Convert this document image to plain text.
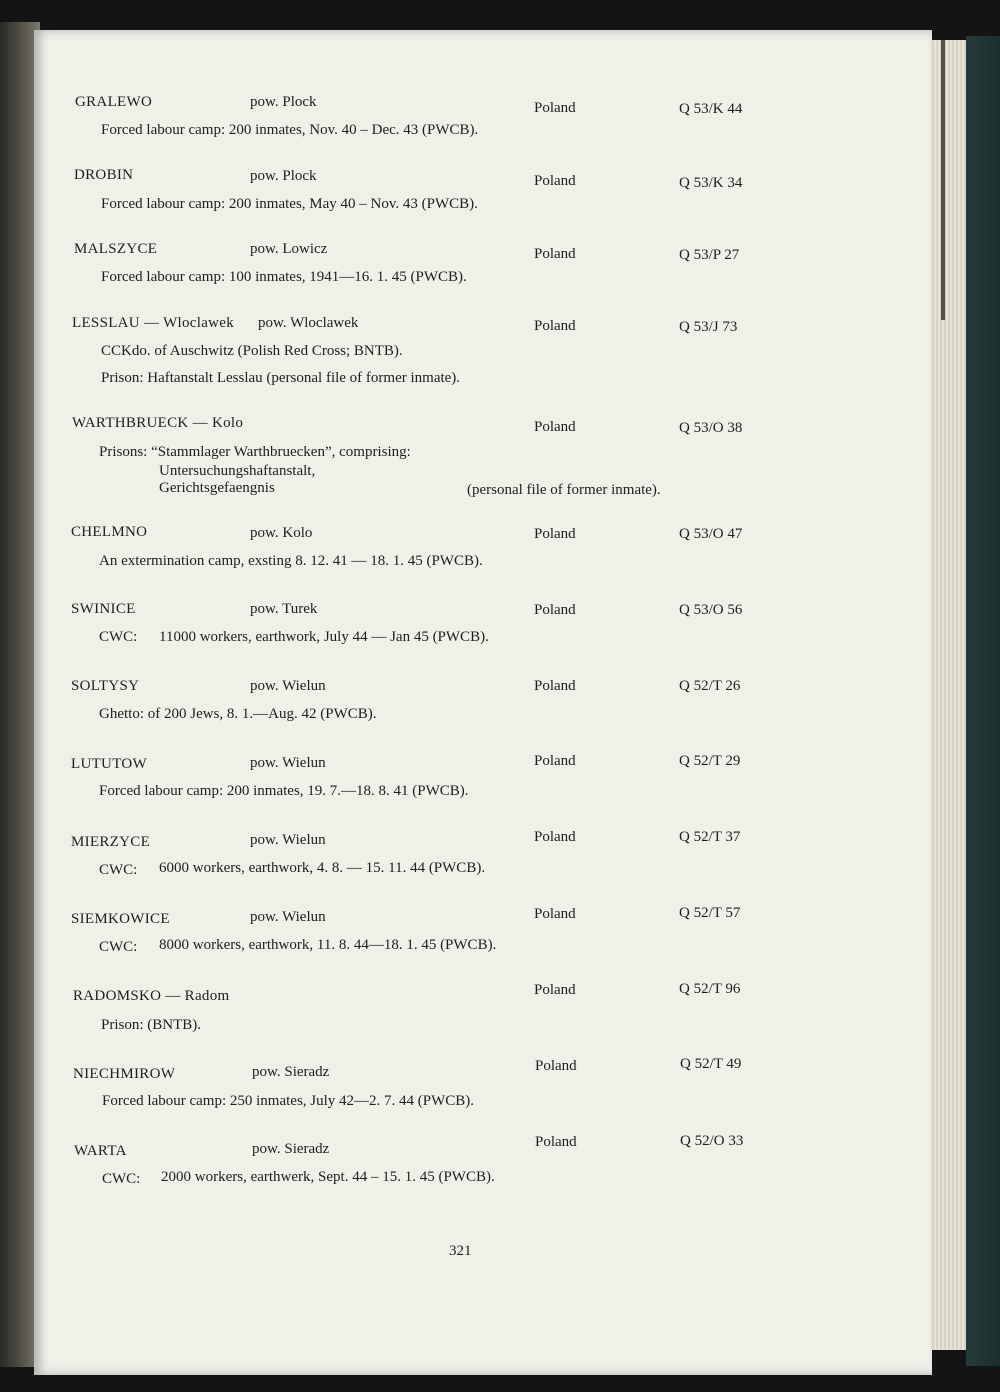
GRALEWO	pow. Plock	Poland	Q 53/K 44
Forced labour camp: 200 inmates, Nov. 40 – Dec. 43 (PWCB).
DROBIN	pow. Plock	Poland	Q 53/K 34
Forced labour camp: 200 inmates, May 40 – Nov. 43 (PWCB).
MALSZYCE	pow. Lowicz	Poland	Q 53/P 27
Forced labour camp: 100 inmates, 1941—16. 1. 45 (PWCB).
LESSLAU — Wloclawek pow. Wloclawek	Poland	Q 53/J 73
CCKdo. of Auschwitz (Polish Red Cross; BNTB).
Prison: Haftanstalt Lesslau (personal file of former inmate).
WARTHBRUECK — Kolo	Poland	Q 53/O 38
Prisons: “Stammlager Warthbruecken”, comprising:
Untersuchungshaftanstalt,
Gerichtsgefaengnis	(personal file of former inmate).
CHELMNO	pow. Kolo	Poland	Q 53/O 47
An extermination camp, exsting 8. 12. 41 — 18. 1. 45 (PWCB).
SWINICE	pow. Turek	Poland	Q 53/O 56
CWC: 11000 workers, earthwork, July 44 — Jan 45 (PWCB).
SOLTYSY	pow. Wielun	Poland	Q 52/T 26
Ghetto: of 200 Jews, 8. 1.—Aug. 42 (PWCB).
LUTUTOW	pow. Wielun	Poland	Q 52/T 29
Forced labour camp: 200 inmates, 19. 7.—18. 8. 41 (PWCB).
MIERZYCE	pow. Wielun	Poland	Q 52/T 37
CWC: 6000 workers, earthwork, 4. 8. — 15. 11. 44 (PWCB).
SIEMKOWICE	pow. Wielun	Poland	Q 52/T 57
CWC: 8000 workers, earthwork, 11. 8. 44—18. 1. 45 (PWCB).
RADOMSKO — Radom	Poland	Q 52/T 96
Prison: (BNTB).
NIECHMIROW	pow. Sieradz	Poland	Q 52/T 49
Forced labour camp: 250 inmates, July 42—2. 7. 44 (PWCB).
WARTA	pow. Sieradz	Poland	Q 52/O 33
CWC: 2000 workers, earthwerk, Sept. 44 – 15. 1. 45 (PWCB).
321
